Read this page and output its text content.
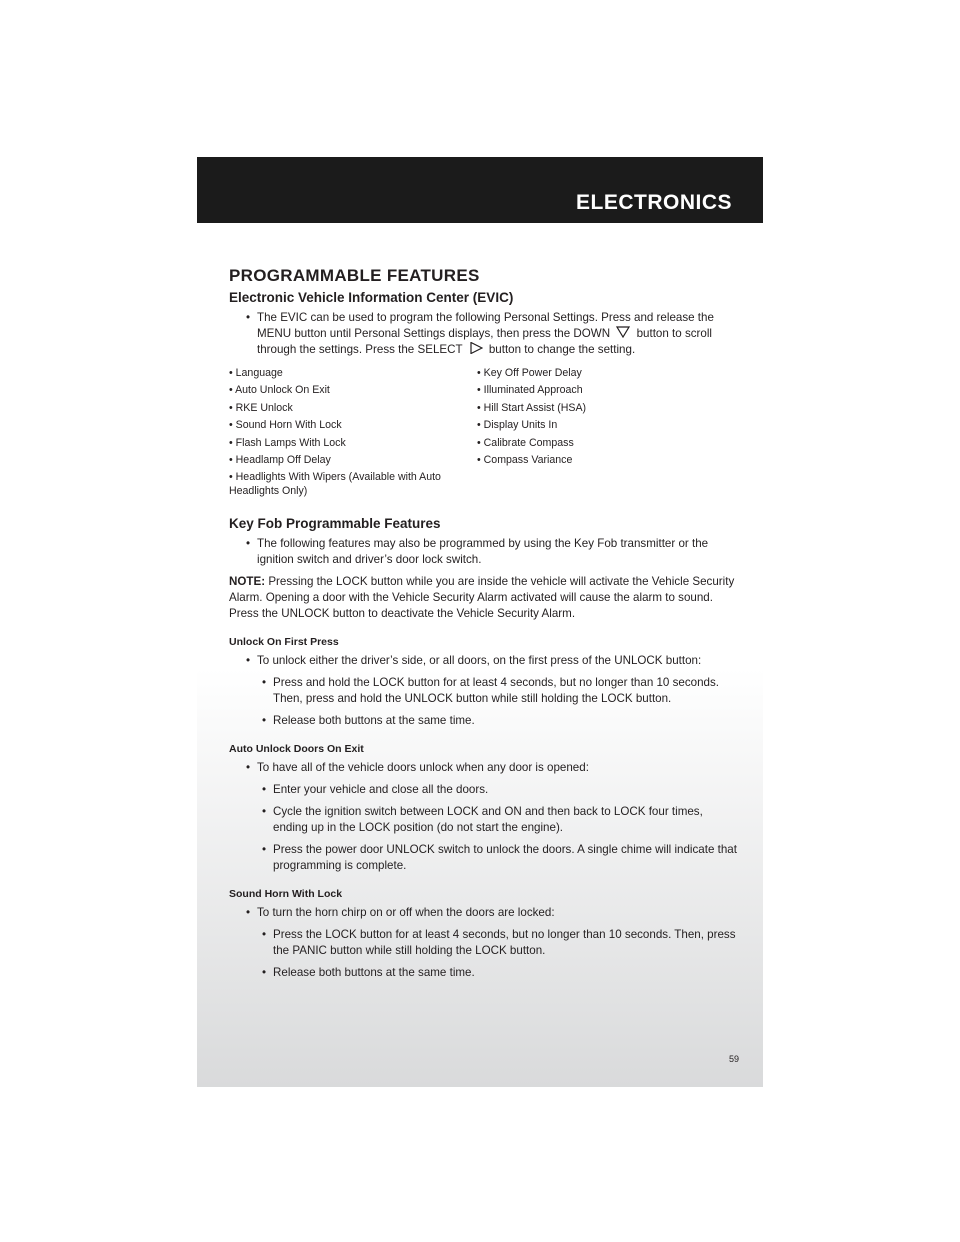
ELECTRONICS
PROGRAMMABLE FEATURES
Electronic Vehicle Information Center (EVIC)
• The EVIC can be used to program the following Personal Settings. Press and release the MENU button until Personal Settings displays, then press the DOWN button to scroll through the settings. Press the SELECT button to change the setting.
• Language
• Auto Unlock On Exit
• RKE Unlock
• Sound Horn With Lock
• Flash Lamps With Lock
• Headlamp Off Delay
• Headlights With Wipers (Available with Auto Headlights Only)
• Key Off Power Delay
• Illuminated Approach
• Hill Start Assist (HSA)
• Display Units In
• Calibrate Compass
• Compass Variance
Key Fob Programmable Features
• The following features may also be programmed by using the Key Fob transmitter or the ignition switch and driver’s door lock switch.

NOTE: Pressing the LOCK button while you are inside the vehicle will activate the Vehicle Security Alarm. Opening a door with the Vehicle Security Alarm activated will cause the alarm to sound. Press the UNLOCK button to deactivate the Vehicle Security Alarm.

Unlock On First Press
• To unlock either the driver’s side, or all doors, on the first press of the UNLOCK button:
• Press and hold the LOCK button for at least 4 seconds, but no longer than 10 seconds. Then, press and hold the UNLOCK button while still holding the LOCK button.
• Release both buttons at the same time.
Auto Unlock Doors On Exit
• To have all of the vehicle doors unlock when any door is opened:
• Enter your vehicle and close all the doors.
• Cycle the ignition switch between LOCK and ON and then back to LOCK four times, ending up in the LOCK position (do not start the engine).
• Press the power door UNLOCK switch to unlock the doors. A single chime will indicate that programming is complete.
Sound Horn With Lock
• To turn the horn chirp on or off when the doors are locked:
• Press the LOCK button for at least 4 seconds, but no longer than 10 seconds. Then, press the PANIC button while still holding the LOCK button.
• Release both buttons at the same time.
59
